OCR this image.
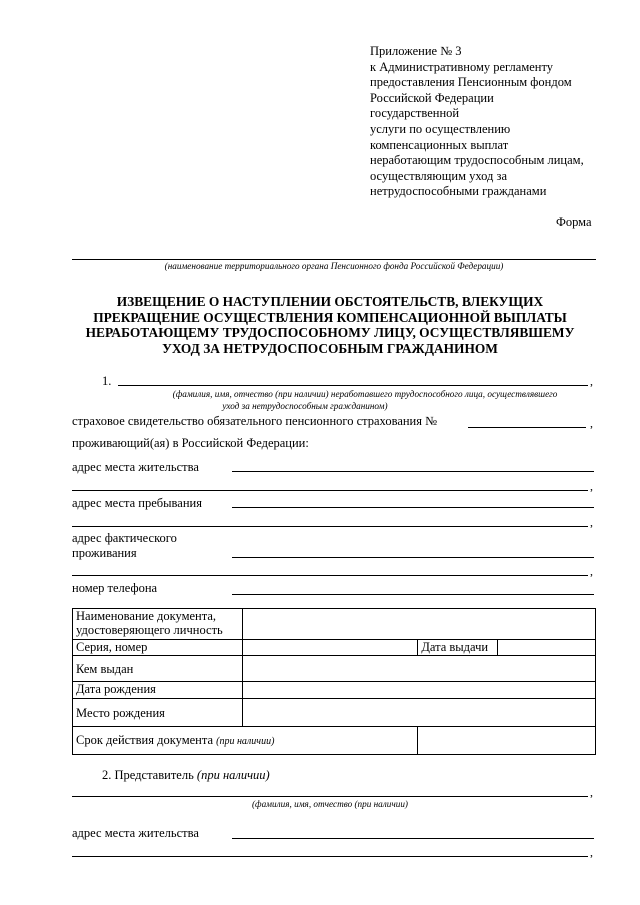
Приложение № 3
к Административному регламенту
предоставления Пенсионным фондом
Российской Федерации
государственной
услуги по осуществлению
компенсационных выплат
неработающим трудоспособным лицам,
осуществляющим уход за
нетрудоспособными гражданами
Форма
(наименование территориального органа Пенсионного фонда Российской Федерации)
ИЗВЕЩЕНИЕ О НАСТУПЛЕНИИ ОБСТОЯТЕЛЬСТВ, ВЛЕКУЩИХ
ПРЕКРАЩЕНИЕ ОСУЩЕСТВЛЕНИЯ КОМПЕНСАЦИОННОЙ ВЫПЛАТЫ
НЕРАБОТАЮЩЕМУ ТРУДОСПОСОБНОМУ ЛИЦУ, ОСУЩЕСТВЛЯВШЕМУ
УХОД ЗА НЕТРУДОСПОСОБНЫМ ГРАЖДАНИНОМ
1.	,
(фамилия, имя, отчество (при наличии) неработавшего трудоспособного лица, осуществлявшего
уход за нетрудоспособным гражданином)
страховое свидетельство обязательного пенсионного страхования №	,
проживающий(ая) в Российской Федерации:
адрес места жительства
,
адрес места пребывания
,
адрес фактического
проживания
,
номер телефона
Наименование документа,
удостоверяющего личность			
Серия, номер		Дата выдачи	
Кем выдан			
Дата рождения			
Место рождения			
Срок действия документа (при наличии)			
2. Представитель (при наличии)
,
(фамилия, имя, отчество (при наличии)
адрес места жительства
,
